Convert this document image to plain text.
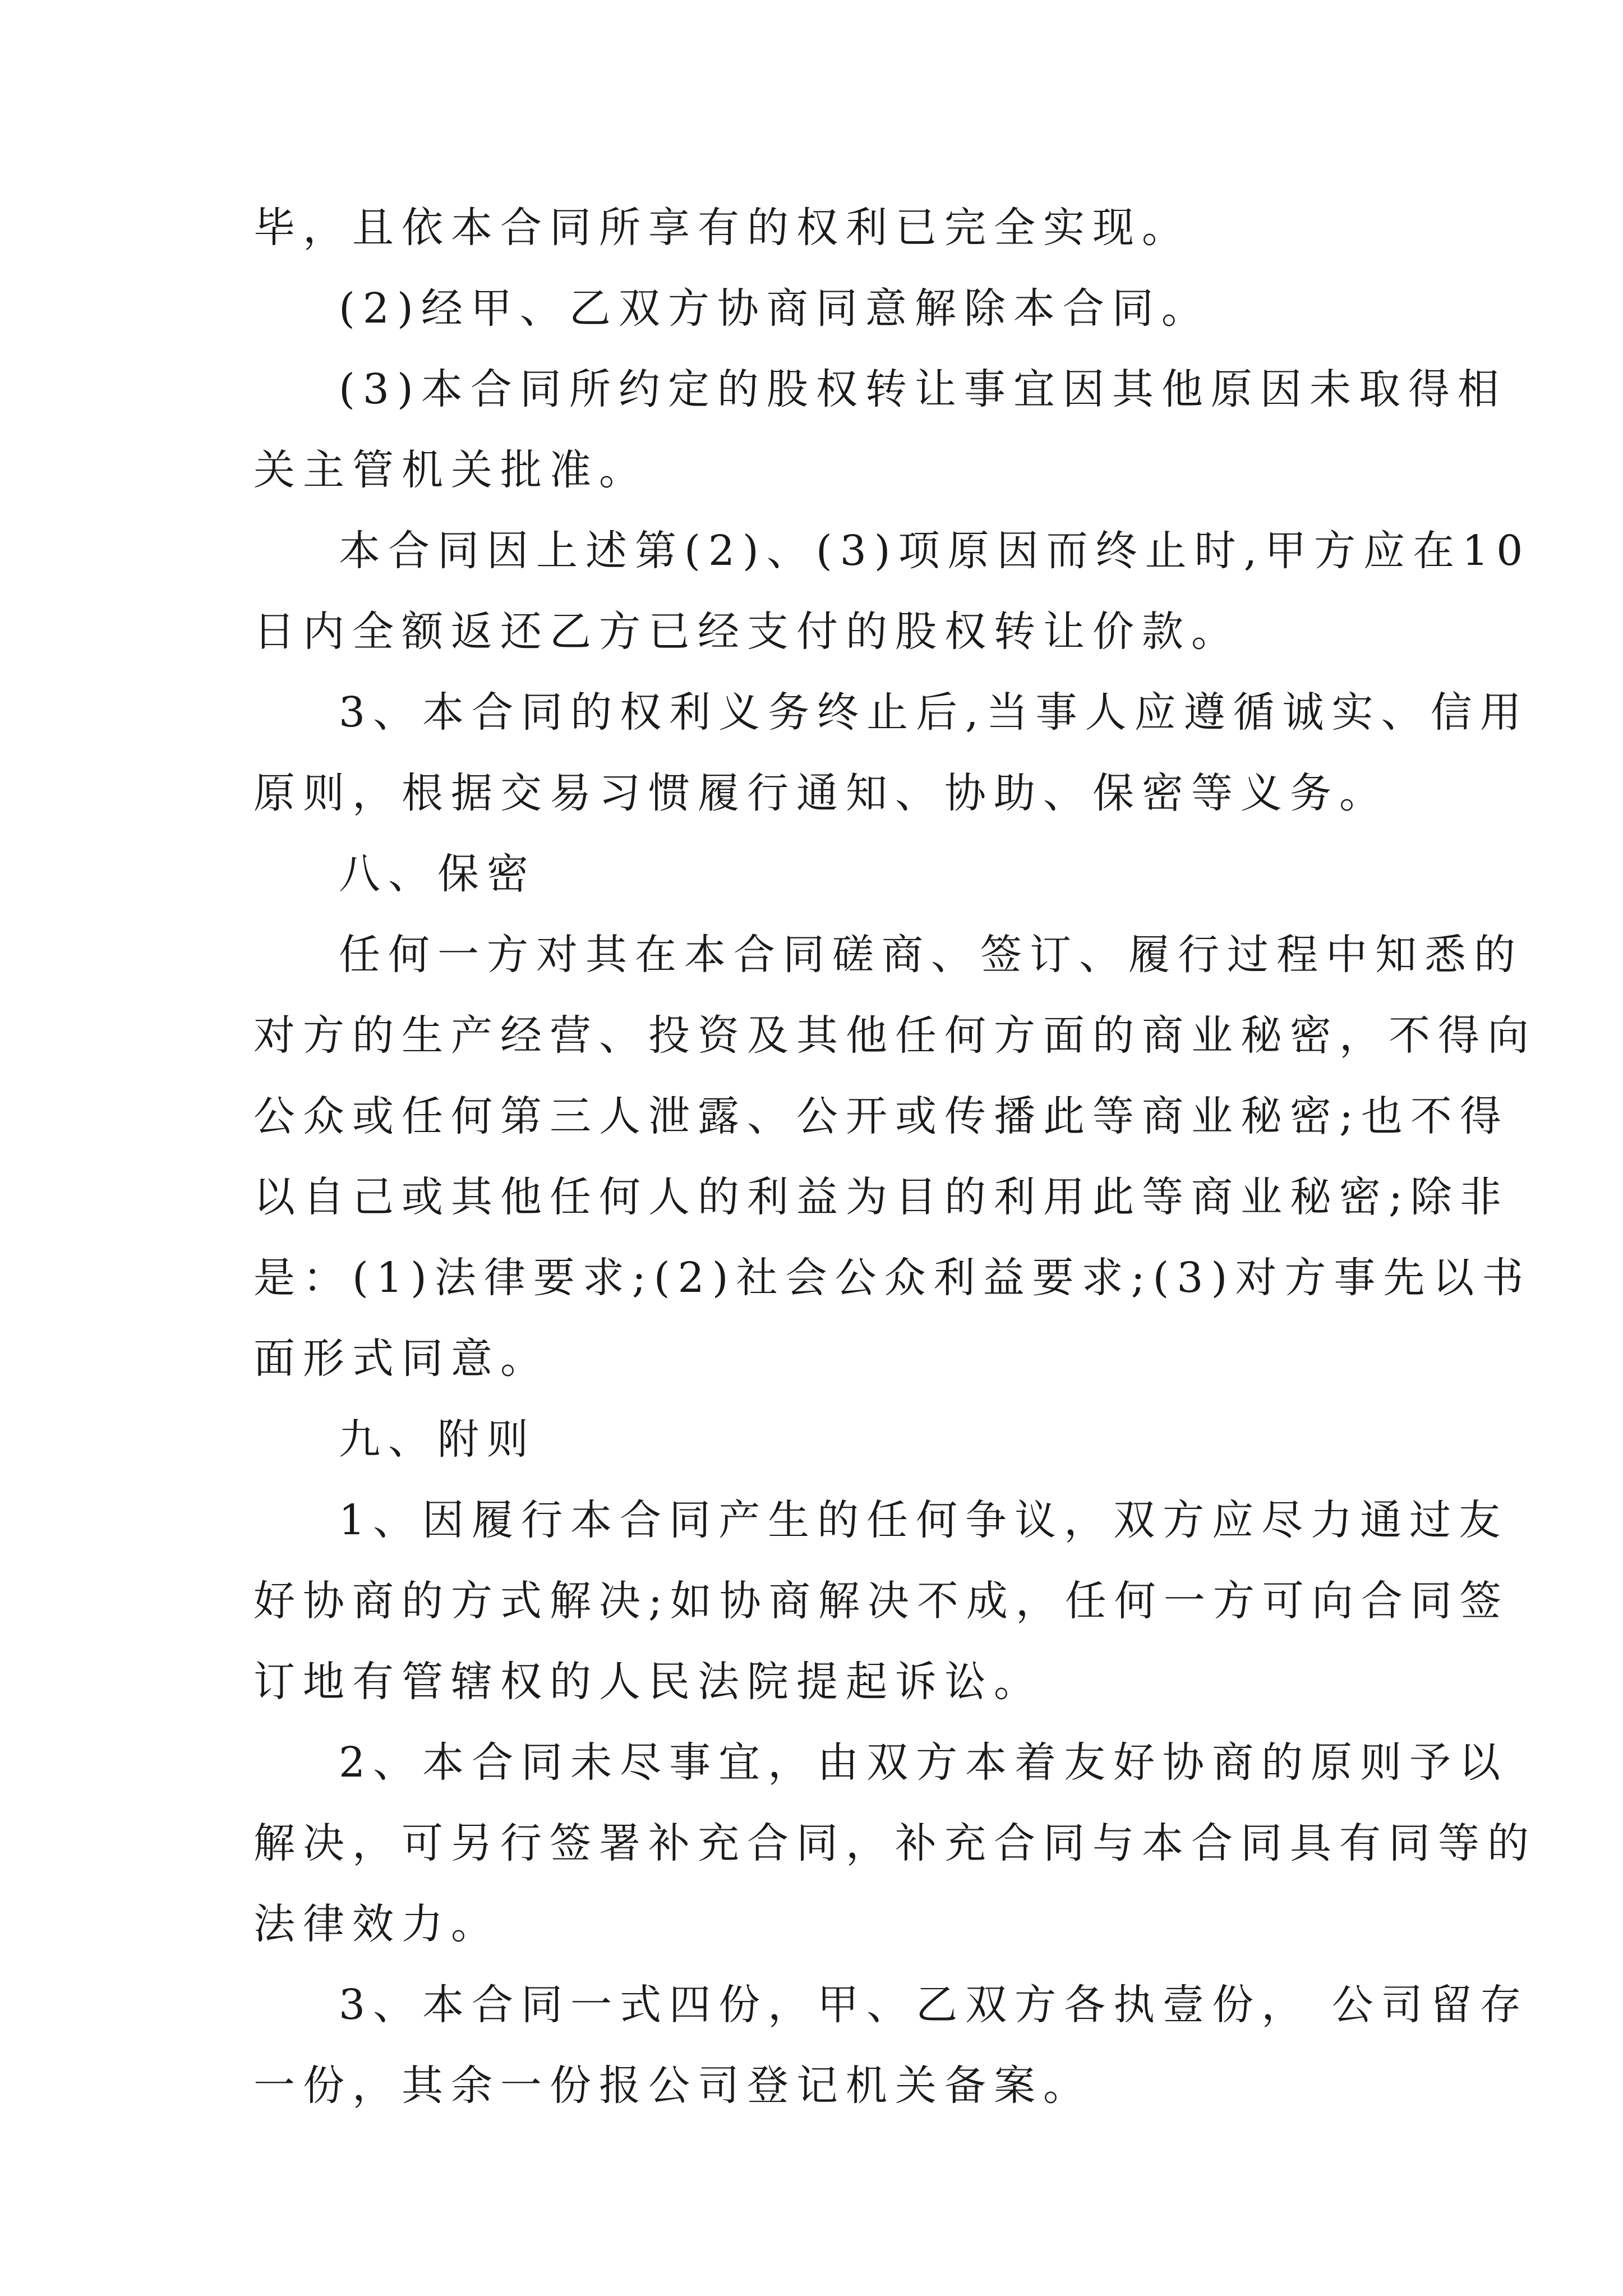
毕，且依本合同所享有的权利已完全实现。
(2)经甲、乙双方协商同意解除本合同。
(3)本合同所约定的股权转让事宜因其他原因未取得相
关主管机关批准。
本合同因上述第(2)、(3)项原因而终止时,甲方应在10
日内全额返还乙方已经支付的股权转让价款。
3、本合同的权利义务终止后,当事人应遵循诚实、信用
原则，根据交易习惯履行通知、协助、保密等义务。
八、保密
任何一方对其在本合同磋商、签订、履行过程中知悉的
对方的生产经营、投资及其他任何方面的商业秘密，不得向
公众或任何第三人泄露、公开或传播此等商业秘密;也不得
以自己或其他任何人的利益为目的利用此等商业秘密;除非
是：(1)法律要求;(2)社会公众利益要求;(3)对方事先以书
面形式同意。
九、附则
1、因履行本合同产生的任何争议，双方应尽力通过友
好协商的方式解决;如协商解决不成，任何一方可向合同签
订地有管辖权的人民法院提起诉讼。
2、本合同未尽事宜，由双方本着友好协商的原则予以
解决，可另行签署补充合同，补充合同与本合同具有同等的
法律效力。
3、本合同一式四份，甲、乙双方各执壹份， 公司留存
一份，其余一份报公司登记机关备案。
